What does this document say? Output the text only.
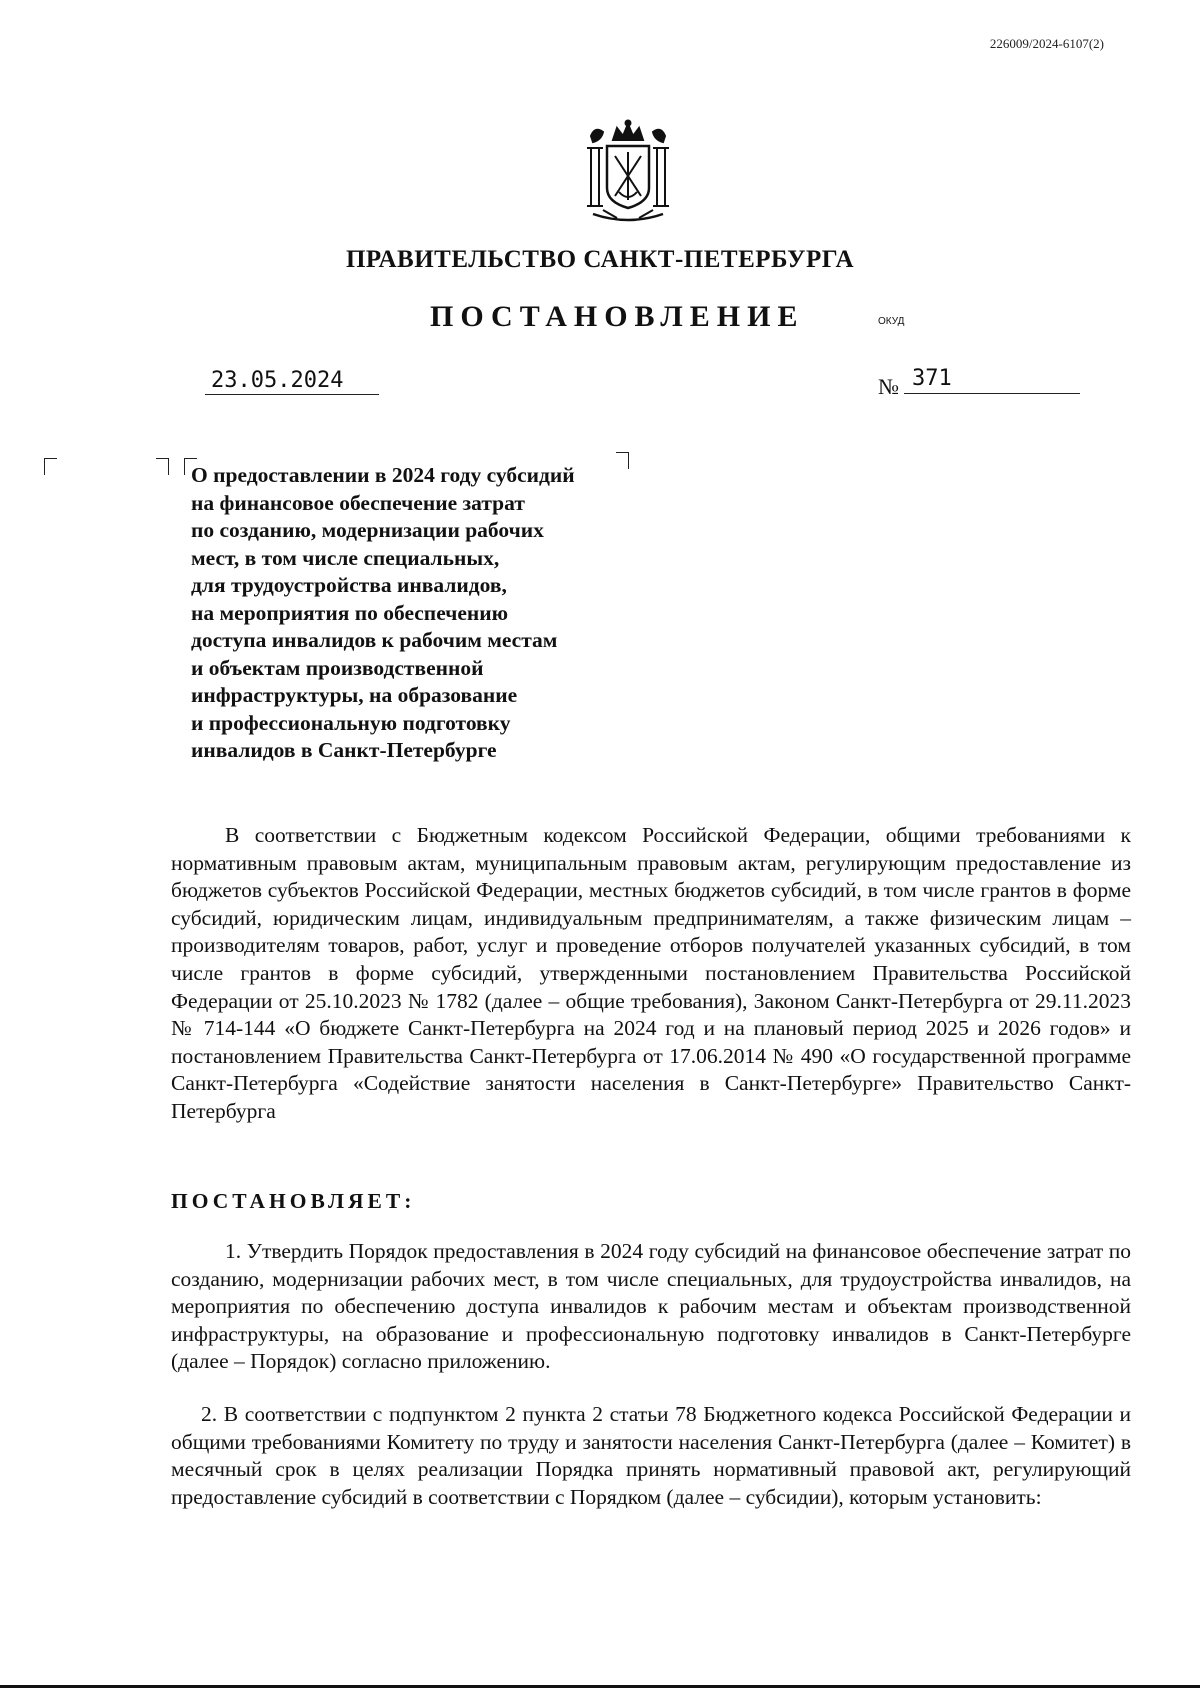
226009/2024-6107(2)
ПРАВИТЕЛЬСТВО САНКТ-ПЕТЕРБУРГА
ПОСТАНОВЛЕНИЕ	ОКУД
23.05.2024	№ 371
О предоставлении в 2024 году субсидий
на финансовое обеспечение затрат
по созданию, модернизации рабочих
мест, в том числе специальных,
для трудоустройства инвалидов,
на мероприятия по обеспечению
доступа инвалидов к рабочим местам
и объектам производственной
инфраструктуры, на образование
и профессиональную подготовку
инвалидов в Санкт-Петербурге
В соответствии с Бюджетным кодексом Российской Федерации, общими требованиями к нормативным правовым актам, муниципальным правовым актам, регулирующим предоставление из бюджетов субъектов Российской Федерации, местных бюджетов субсидий, в том числе грантов в форме субсидий, юридическим лицам, индивидуальным предпринимателям, а также физическим лицам – производителям товаров, работ, услуг и проведение отборов получателей указанных субсидий, в том числе грантов в форме субсидий, утвержденными постановлением Правительства Российской Федерации от 25.10.2023 № 1782 (далее – общие требования), Законом Санкт-Петербурга от 29.11.2023 № 714-144 «О бюджете Санкт-Петербурга на 2024 год и на плановый период 2025 и 2026 годов» и постановлением Правительства Санкт-Петербурга от 17.06.2014 № 490 «О государственной программе Санкт-Петербурга «Содействие занятости населения в Санкт-Петербурге» Правительство Санкт-Петербурга
ПОСТАНОВЛЯЕТ:
1. Утвердить Порядок предоставления в 2024 году субсидий на финансовое обеспечение затрат по созданию, модернизации рабочих мест, в том числе специальных, для трудоустройства инвалидов, на мероприятия по обеспечению доступа инвалидов к рабочим местам и объектам производственной инфраструктуры, на образование и профессиональную подготовку инвалидов в Санкт-Петербурге (далее – Порядок) согласно приложению.
2. В соответствии с подпунктом 2 пункта 2 статьи 78 Бюджетного кодекса Российской Федерации и общими требованиями Комитету по труду и занятости населения Санкт-Петербурга (далее – Комитет) в месячный срок в целях реализации Порядка принять нормативный правовой акт, регулирующий предоставление субсидий в соответствии с Порядком (далее – субсидии), которым установить:
